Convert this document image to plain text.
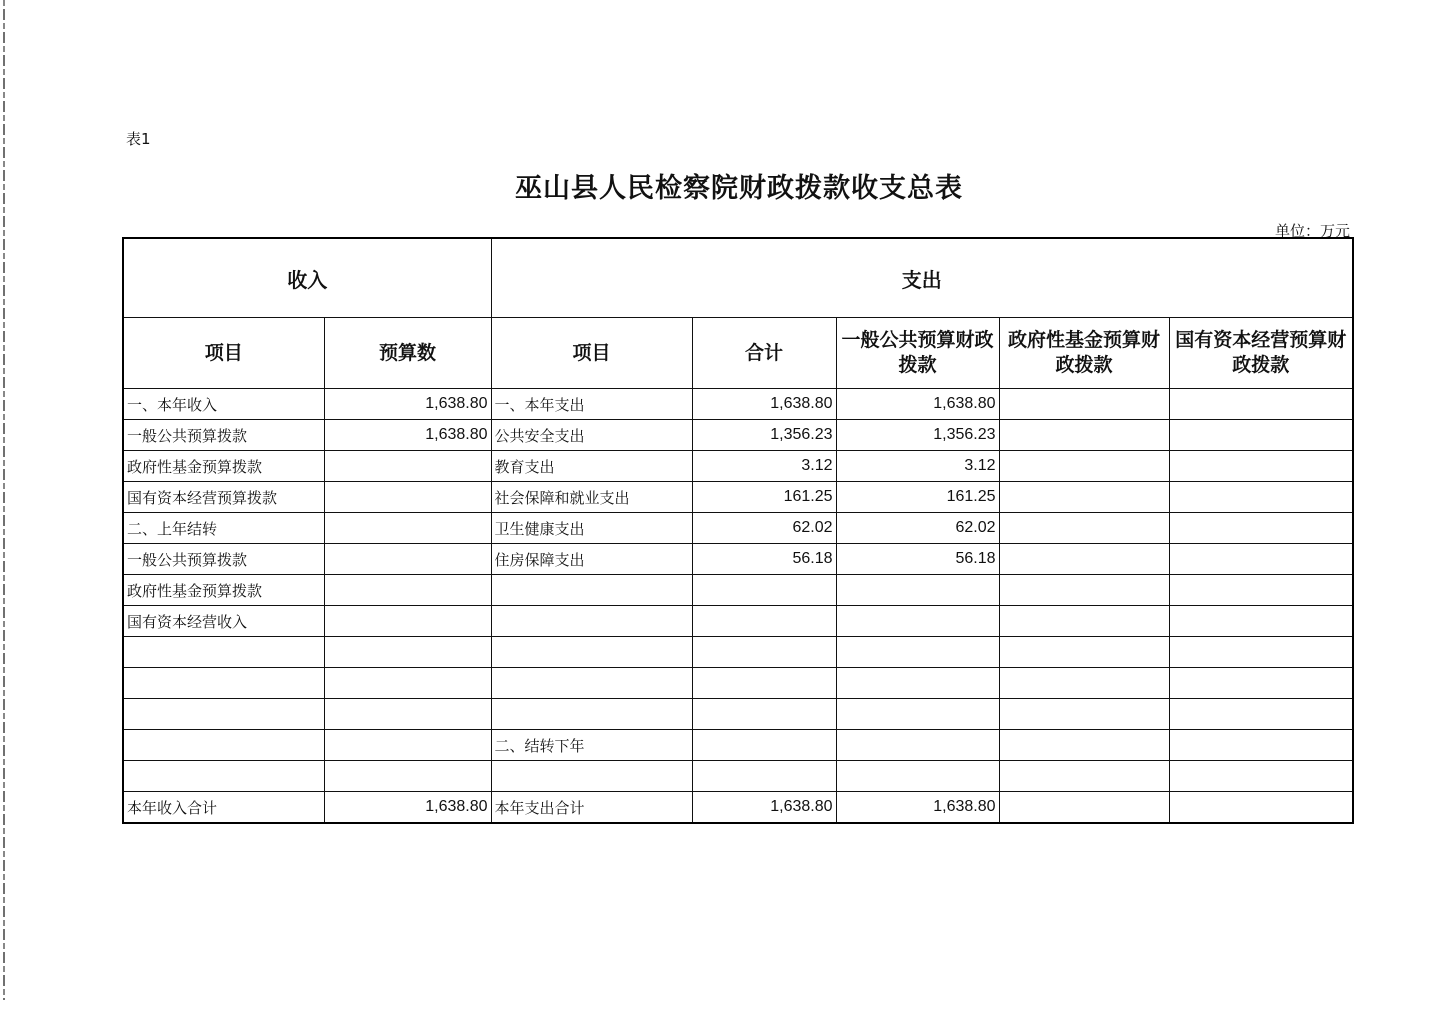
表1
巫山县人民检察院财政拨款收支总表
单位：万元
收入		支出				
项目	预算数	项目	合计	一般公共预算财政拨款	政府性基金预算财政拨款	国有资本经营预算财政拨款
一、本年收入	1,638.80	一、本年支出	1,638.80	1,638.80		
一般公共预算拨款	1,638.80	公共安全支出	1,356.23	1,356.23		
政府性基金预算拨款		教育支出	3.12	3.12		
国有资本经营预算拨款		社会保障和就业支出	161.25	161.25		
二、上年结转		卫生健康支出	62.02	62.02		
一般公共预算拨款		住房保障支出	56.18	56.18		
政府性基金预算拨款						
国有资本经营收入						

		二、结转下年				

本年收入合计	1,638.80	本年支出合计	1,638.80	1,638.80		
